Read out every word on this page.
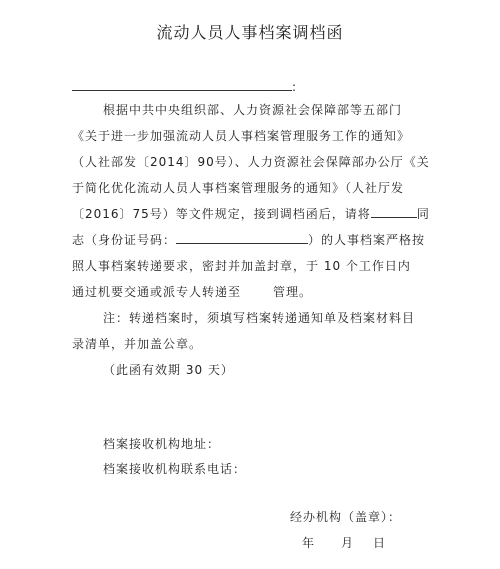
流动人员人事档案调档函
:
根据中共中央组织部、人力资源社会保障部等五部门
《关于进一步加强流动人员人事档案管理服务工作的通知》
（人社部发〔2014〕90号）、人力资源社会保障部办公厅《关
于简化优化流动人员人事档案管理服务的通知》（人社厅发
〔2016〕75号）等文件规定，接到调档函后，请将	同
志（身份证号码：	）的人事档案严格按
照人事档案转递要求，密封并加盖封章，于 10 个工作日内
通过机要交通或派专人转递至	管理。
注：转递档案时，须填写档案转递通知单及档案材料目
录清单，并加盖公章。
（此函有效期 30 天）
档案接收机构地址：
档案接收机构联系电话：
经办机构（盖章）：
年 月 日
